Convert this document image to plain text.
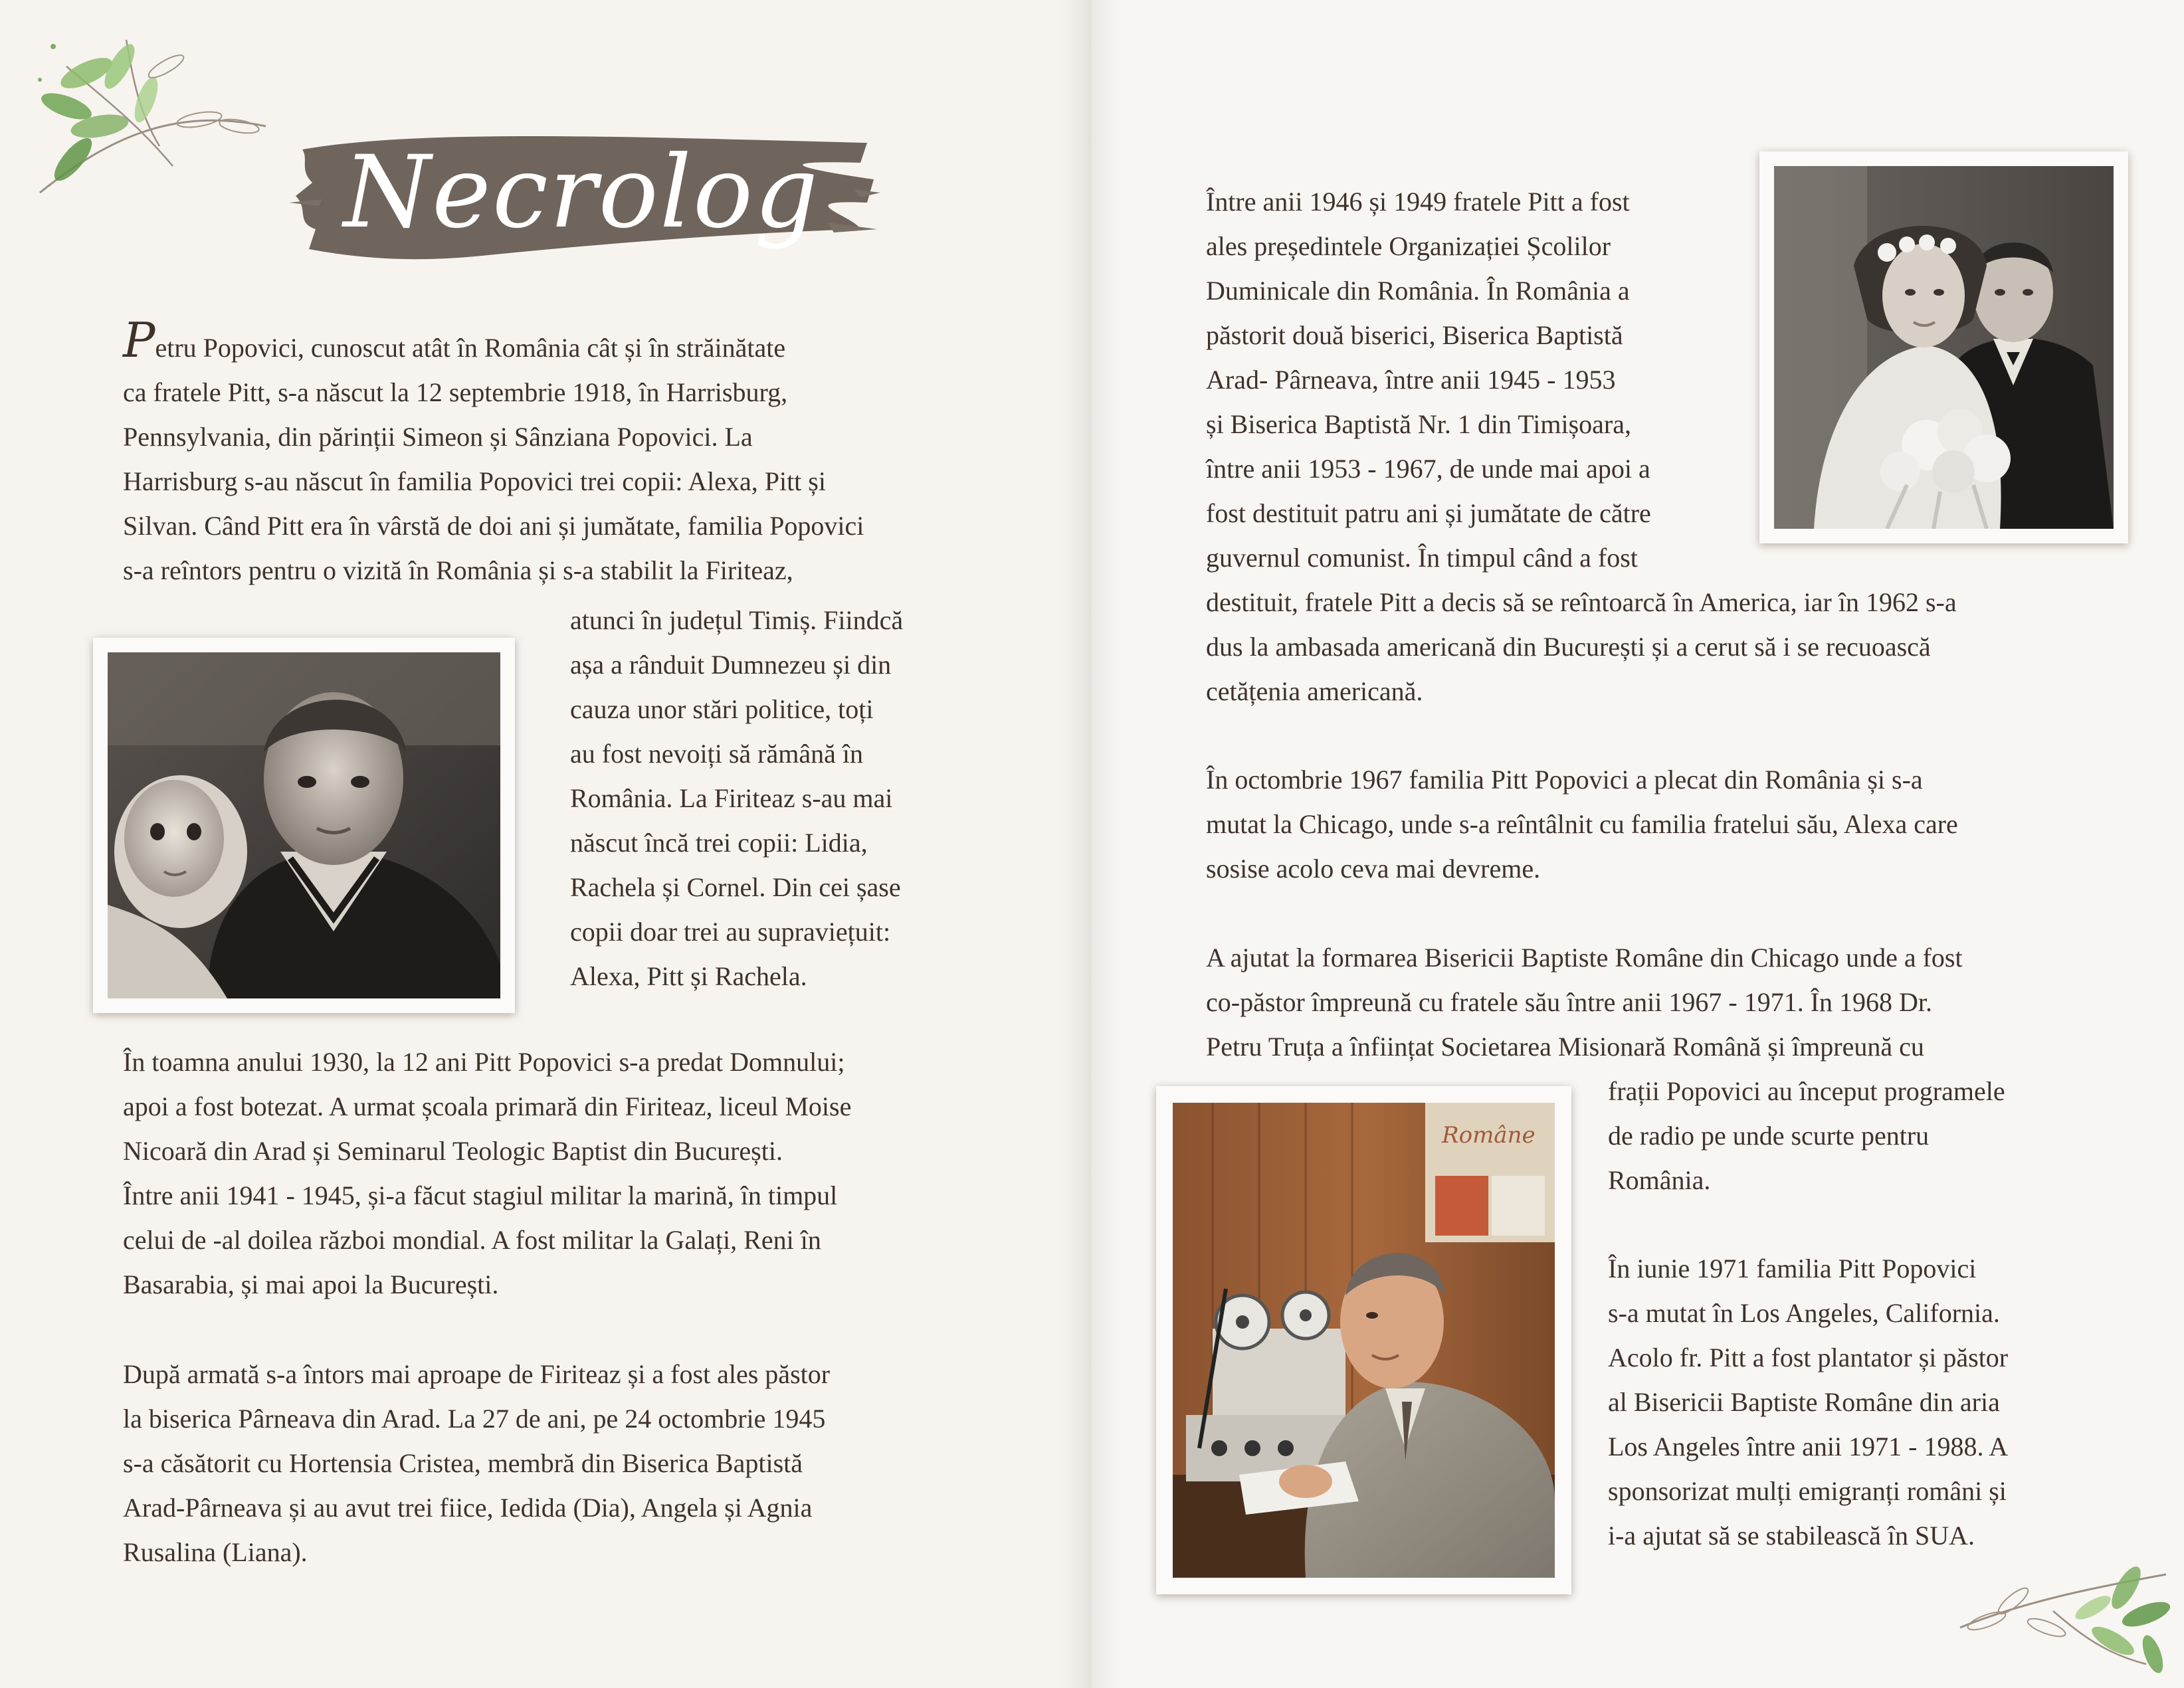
Necrolog
Petru Popovici, cunoscut atât în România cât și în străinătate
ca fratele Pitt, s-a născut la 12 septembrie 1918, în Harrisburg,
Pennsylvania, din părinții Simeon și Sânziana Popovici. La
Harrisburg s-au născut în familia Popovici trei copii: Alexa, Pitt și
Silvan. Când Pitt era în vârstă de doi ani și jumătate, familia Popovici
s-a reîntors pentru o vizită în România și s-a stabilit la Firiteaz,
atunci în județul Timiș. Fiindcă
așa a rânduit Dumnezeu și din
cauza unor stări politice, toți
au fost nevoiți să rămână în
România. La Firiteaz s-au mai
născut încă trei copii: Lidia,
Rachela și Cornel. Din cei șase
copii doar trei au supraviețuit:
Alexa, Pitt și Rachela.
În toamna anului 1930, la 12 ani Pitt Popovici s-a predat Domnului;
apoi a fost botezat. A urmat școala primară din Firiteaz, liceul Moise
Nicoară din Arad și Seminarul Teologic Baptist din București.
Între anii 1941 - 1945, și-a făcut stagiul militar la marină, în timpul
celui de -al doilea război mondial. A fost militar la Galați, Reni în
Basarabia, și mai apoi la București.
După armată s-a întors mai aproape de Firiteaz și a fost ales păstor
la biserica Pârneava din Arad. La 27 de ani, pe 24 octombrie 1945
s-a căsătorit cu Hortensia Cristea, membră din Biserica Baptistă
Arad-Pârneava și au avut trei fiice, Iedida (Dia), Angela și Agnia
Rusalina (Liana).
Între anii 1946 și 1949 fratele Pitt a fost
ales președintele Organizației Școlilor
Duminicale din România. În România a
păstorit două biserici, Biserica Baptistă
Arad- Pârneava, între anii 1945 - 1953
și Biserica Baptistă Nr. 1 din Timișoara,
între anii 1953 - 1967, de unde mai apoi a
fost destituit patru ani și jumătate de către
guvernul comunist. În timpul când a fost
destituit, fratele Pitt a decis să se reîntoarcă în America, iar în 1962 s-a
dus la ambasada americană din București și a cerut să i se recuoască
cetățenia americană.
În octombrie 1967 familia Pitt Popovici a plecat din România și s-a
mutat la Chicago, unde s-a reîntâlnit cu familia fratelui său, Alexa care
sosise acolo ceva mai devreme.
A ajutat la formarea Bisericii Baptiste Române din Chicago unde a fost
co-păstor împreună cu fratele său între anii 1967 - 1971. În 1968 Dr.
Petru Truța a înființat Societarea Misionară Română și împreună cu
frații Popovici au început programele
de radio pe unde scurte pentru
România.
Române
În iunie 1971 familia Pitt Popovici
s-a mutat în Los Angeles, California.
Acolo fr. Pitt a fost plantator și păstor
al Bisericii Baptiste Române din aria
Los Angeles între anii 1971 - 1988. A
sponsorizat mulți emigranți români și
i-a ajutat să se stabilească în SUA.
